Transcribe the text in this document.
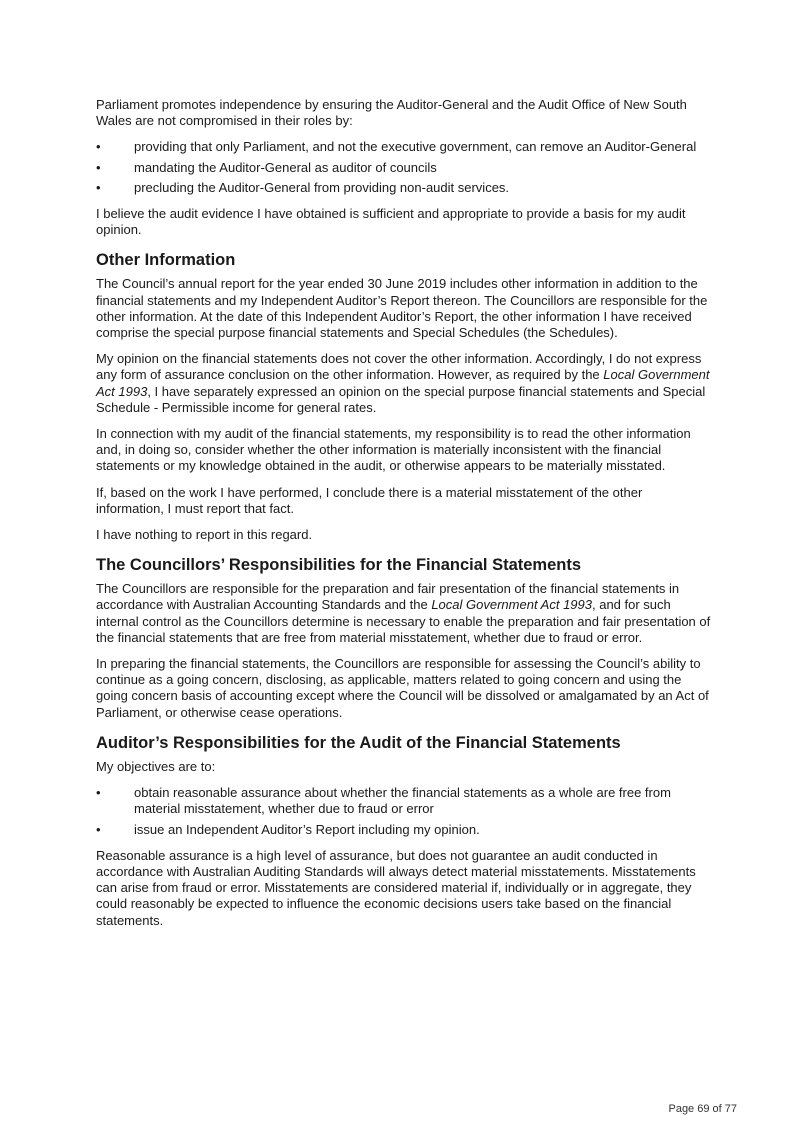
Parliament promotes independence by ensuring the Auditor-General and the Audit Office of New South Wales are not compromised in their roles by:

•	providing that only Parliament, and not the executive government, can remove an Auditor-General
•	mandating the Auditor-General as auditor of councils
•	precluding the Auditor-General from providing non-audit services.

I believe the audit evidence I have obtained is sufficient and appropriate to provide a basis for my audit opinion.

Other Information

The Council’s annual report for the year ended 30 June 2019 includes other information in addition to the financial statements and my Independent Auditor’s Report thereon. The Councillors are responsible for the other information. At the date of this Independent Auditor’s Report, the other information I have received comprise the special purpose financial statements and Special Schedules (the Schedules).

My opinion on the financial statements does not cover the other information. Accordingly, I do not express any form of assurance conclusion on the other information. However, as required by the Local Government Act 1993, I have separately expressed an opinion on the special purpose financial statements and Special Schedule - Permissible income for general rates.

In connection with my audit of the financial statements, my responsibility is to read the other information and, in doing so, consider whether the other information is materially inconsistent with the financial statements or my knowledge obtained in the audit, or otherwise appears to be materially misstated.

If, based on the work I have performed, I conclude there is a material misstatement of the other information, I must report that fact.

I have nothing to report in this regard.

The Councillors’ Responsibilities for the Financial Statements

The Councillors are responsible for the preparation and fair presentation of the financial statements in accordance with Australian Accounting Standards and the Local Government Act 1993, and for such internal control as the Councillors determine is necessary to enable the preparation and fair presentation of the financial statements that are free from material misstatement, whether due to fraud or error.

In preparing the financial statements, the Councillors are responsible for assessing the Council’s ability to continue as a going concern, disclosing, as applicable, matters related to going concern and using the going concern basis of accounting except where the Council will be dissolved or amalgamated by an Act of Parliament, or otherwise cease operations.

Auditor’s Responsibilities for the Audit of the Financial Statements

My objectives are to:

•	obtain reasonable assurance about whether the financial statements as a whole are free from material misstatement, whether due to fraud or error
•	issue an Independent Auditor’s Report including my opinion.

Reasonable assurance is a high level of assurance, but does not guarantee an audit conducted in accordance with Australian Auditing Standards will always detect material misstatements. Misstatements can arise from fraud or error. Misstatements are considered material if, individually or in aggregate, they could reasonably be expected to influence the economic decisions users take based on the financial statements.

Page 69 of 77
